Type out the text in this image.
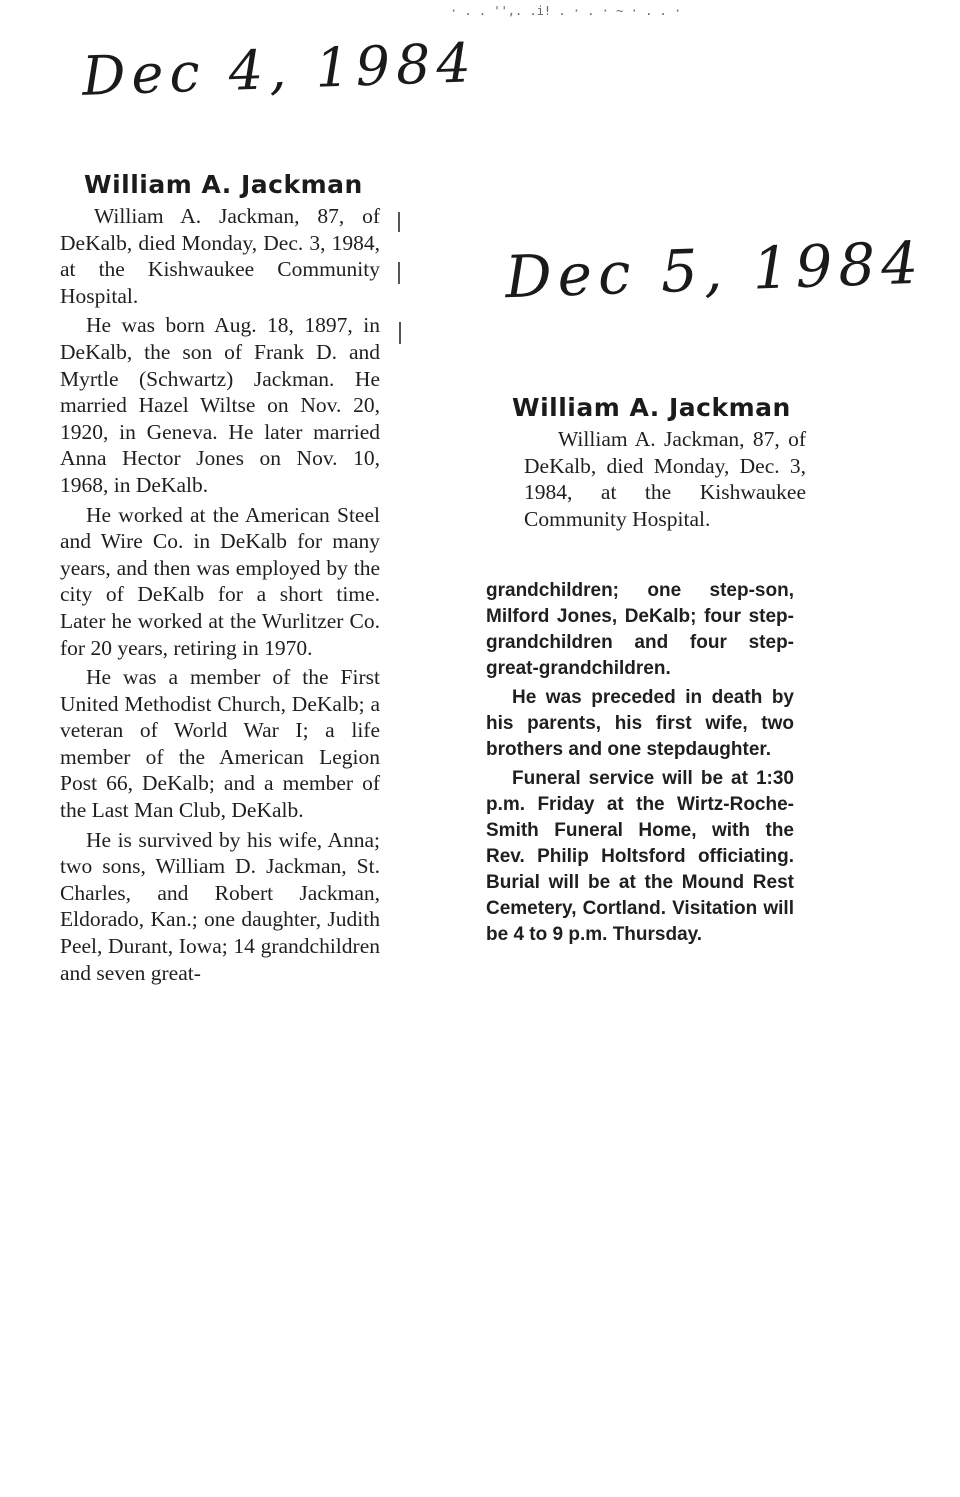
· . . '',. .i! . · . · ~ · . . ·
Dec 4, 1984
William A. Jackman

William A. Jackman, 87, of DeKalb, died Monday, Dec. 3, 1984, at the Kishwaukee Community Hospital.

He was born Aug. 18, 1897, in DeKalb, the son of Frank D. and Myrtle (Schwartz) Jackman. He married Hazel Wiltse on Nov. 20, 1920, in Geneva. He later married Anna Hector Jones on Nov. 10, 1968, in DeKalb.

He worked at the American Steel and Wire Co. in DeKalb for many years, and then was employed by the city of DeKalb for a short time. Later he worked at the Wurlitzer Co. for 20 years, retiring in 1970.

He was a member of the First United Methodist Church, DeKalb; a veteran of World War I; a life member of the American Legion Post 66, DeKalb; and a member of the Last Man Club, DeKalb.

He is survived by his wife, Anna; two sons, William D. Jackman, St. Charles, and Robert Jackman, Eldorado, Kan.; one daughter, Judith Peel, Durant, Iowa; 14 grandchildren and seven great-

Dec 5, 1984
William A. Jackman

William A. Jackman, 87, of DeKalb, died Monday, Dec. 3, 1984, at the Kishwaukee Community Hospital.

grandchildren; one step-son, Milford Jones, DeKalb; four step-grandchildren and four step-great-grandchildren.

He was preceded in death by his parents, his first wife, two brothers and one stepdaughter.

Funeral service will be at 1:30 p.m. Friday at the Wirtz-Roche-Smith Funeral Home, with the Rev. Philip Holtsford officiating. Burial will be at the Mound Rest Cemetery, Cortland. Visitation will be 4 to 9 p.m. Thursday.
